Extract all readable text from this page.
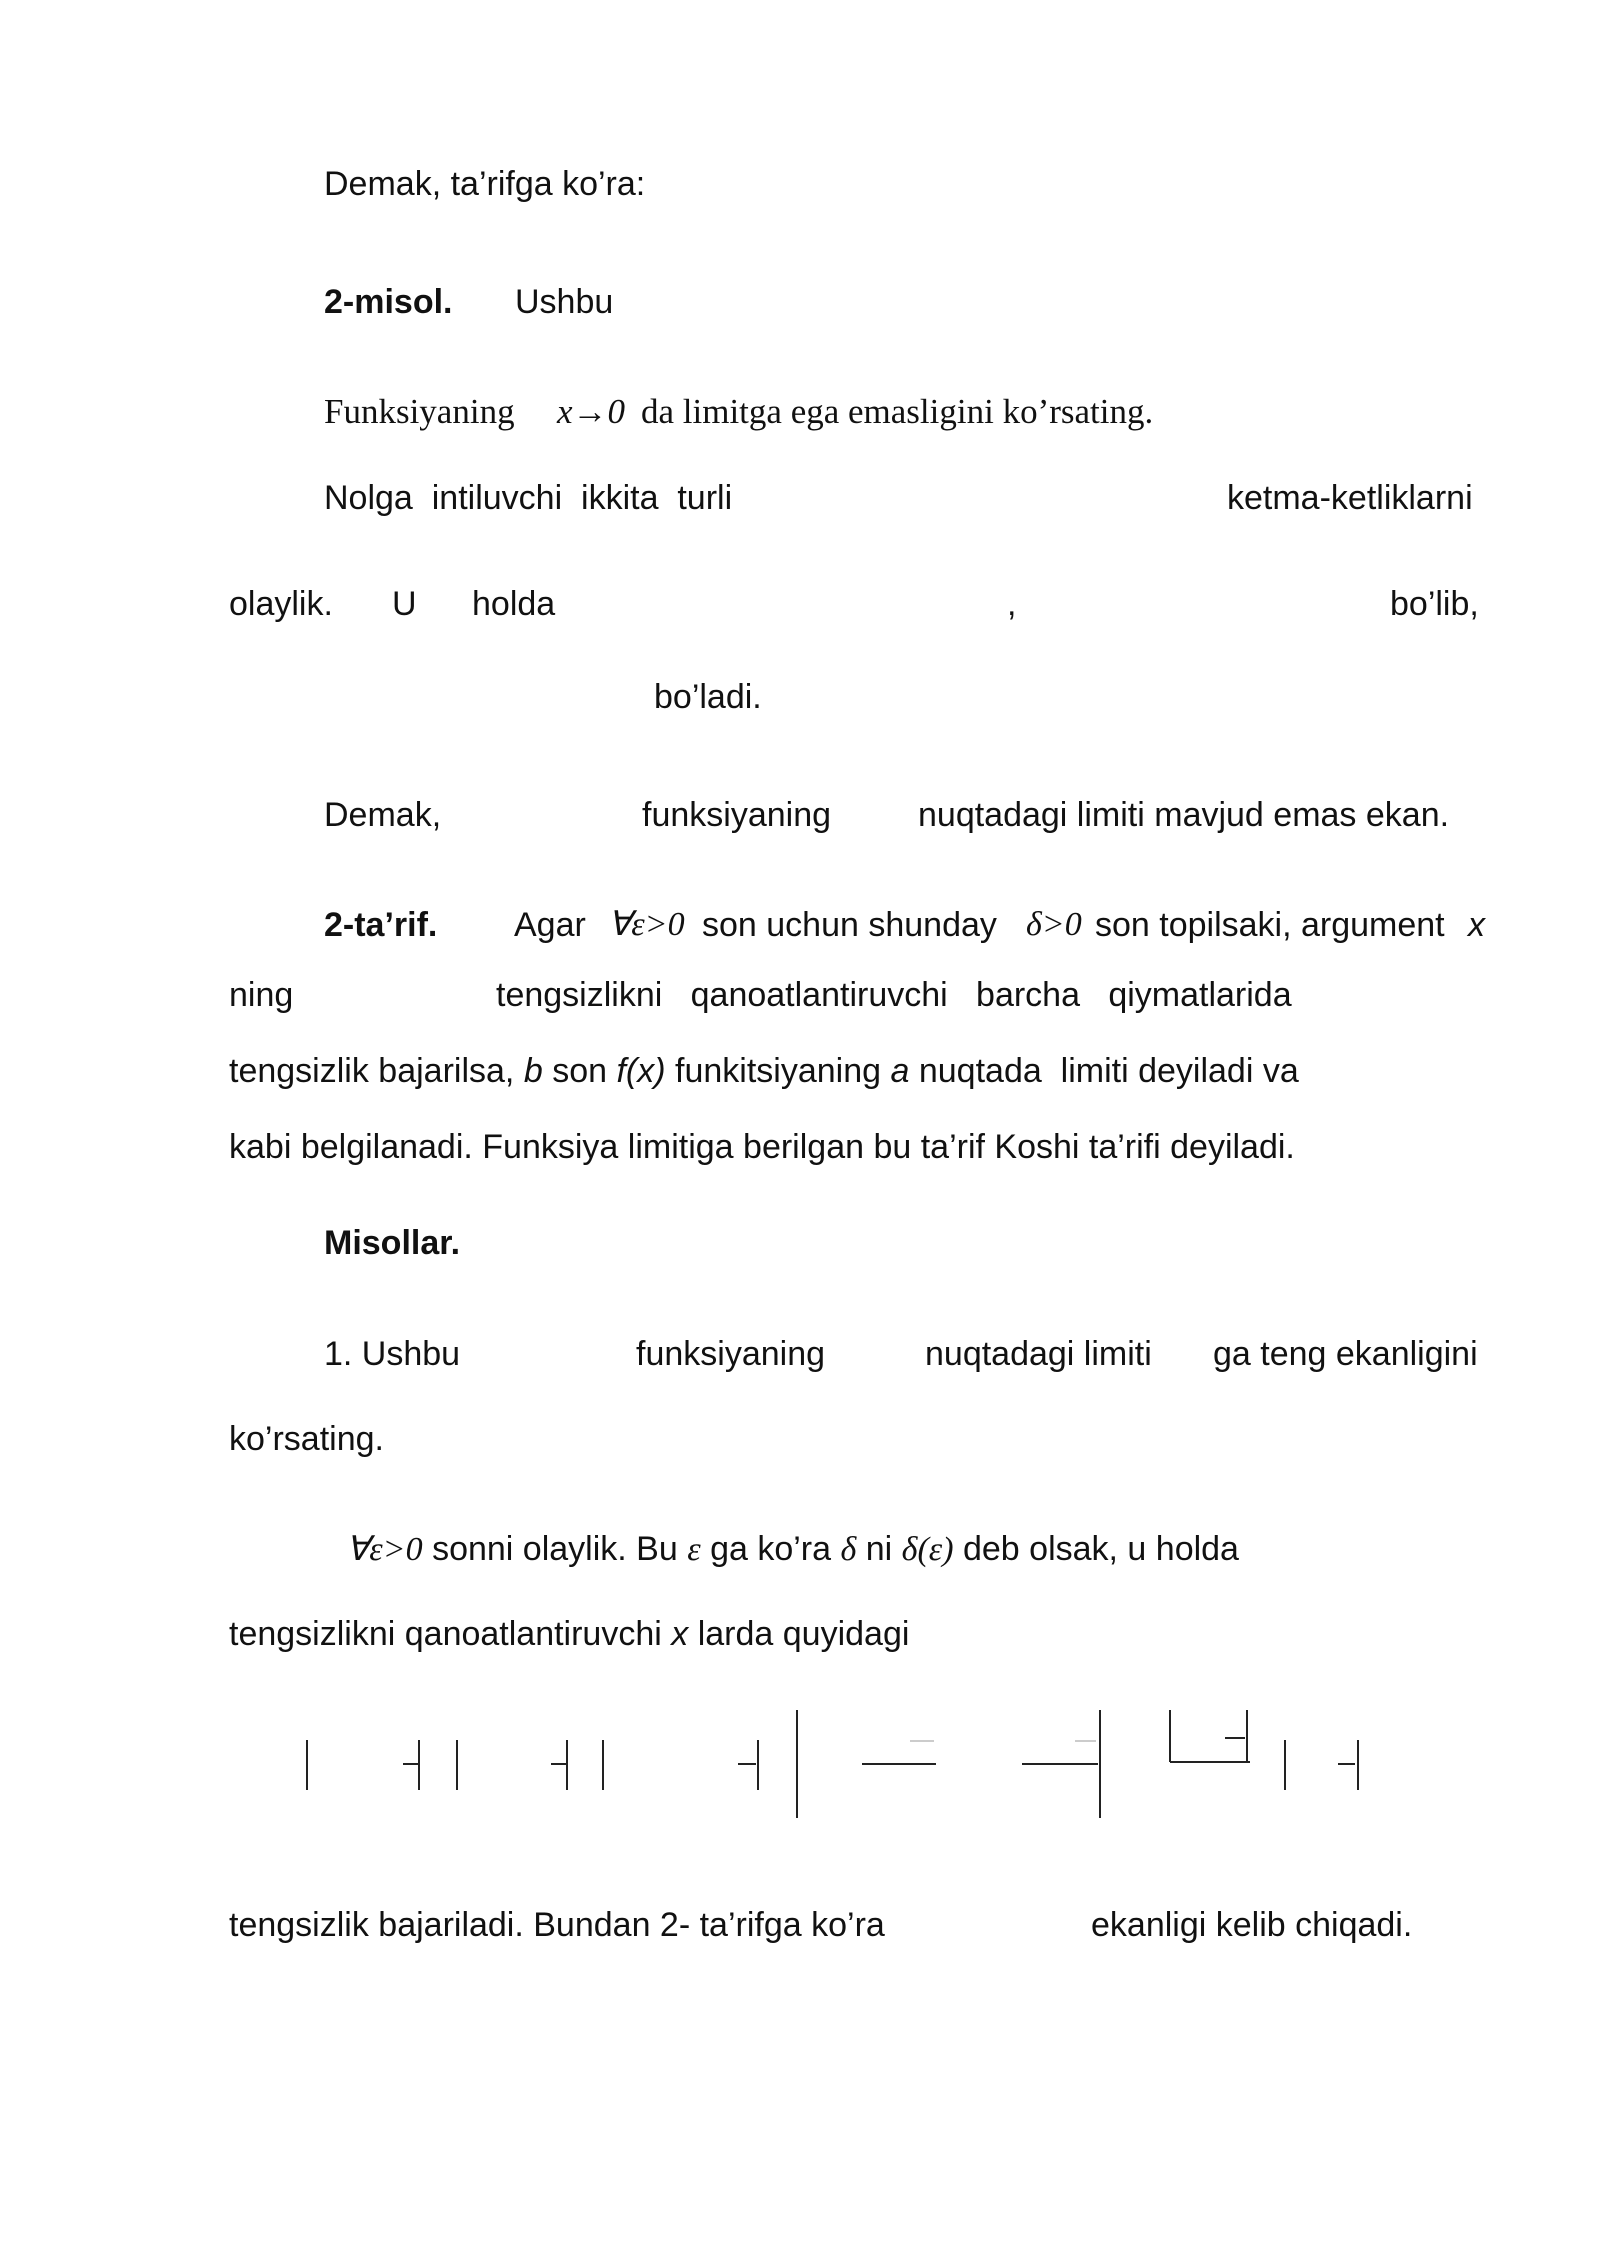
Demak, ta’rifga ko’ra:
2-misol. Ushbu
Funksiyaning x→0 da limitga ega emasligini ko’rsating.
Nolga  intiluvchi  ikkita  turli	ketma-ketliklarni
olaylik. U holda	,	bo’lib,
bo’ladi.
Demak,	funksiyaning	nuqtadagi limiti mavjud emas ekan.
2-ta’rif. Agar ∀ε>0 son uchun shunday δ>0 son topilsaki, argument x
ning	tengsizlikni   qanoatlantiruvchi   barcha   qiymatlarida
tengsizlik bajarilsa, b son f(x) funkitsiyaning a nuqtada  limiti deyiladi va
kabi belgilanadi. Funksiya limitiga berilgan bu ta’rif Koshi ta’rifi deyiladi.
Misollar.
1. Ushbu	funksiyaning	nuqtadagi limiti ga teng ekanligini
ko’rsating.
∀ε>0 sonni olaylik. Bu ε ga ko’ra δ ni δ(ε) deb olsak, u holda
tengsizlikni qanoatlantiruvchi x larda quyidagi
tengsizlik bajariladi. Bundan 2- ta’rifga ko’ra	ekanligi kelib chiqadi.
